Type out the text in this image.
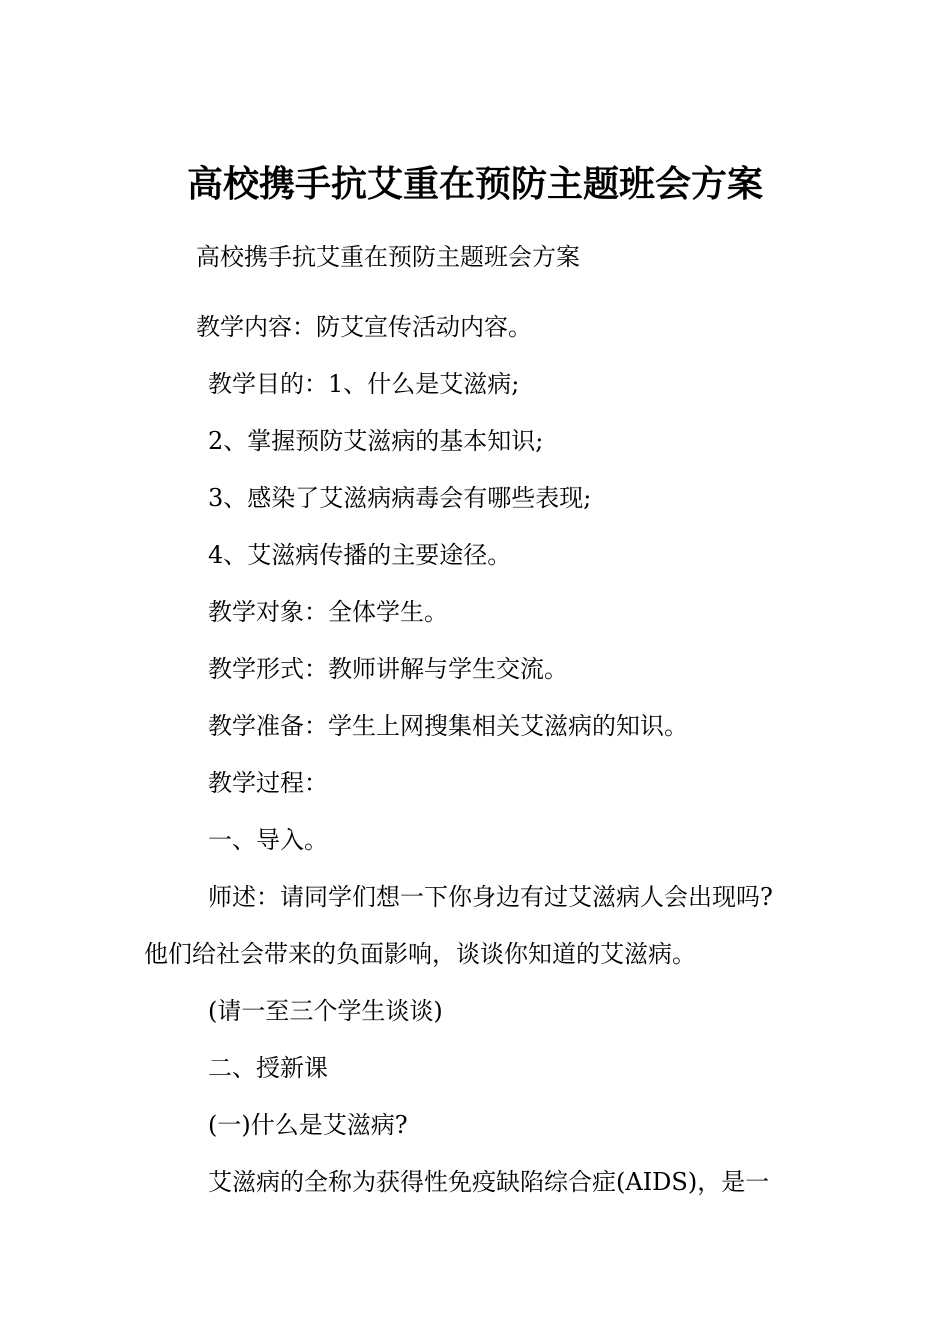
高校携手抗艾重在预防主题班会方案
高校携手抗艾重在预防主题班会方案
教学内容：防艾宣传活动内容。
教学目的：1、什么是艾滋病;
2、掌握预防艾滋病的基本知识;
3、感染了艾滋病病毒会有哪些表现;
4、艾滋病传播的主要途径。
教学对象：全体学生。
教学形式：教师讲解与学生交流。
教学准备：学生上网搜集相关艾滋病的知识。
教学过程：
一、导入。
师述：请同学们想一下你身边有过艾滋病人会出现吗?
他们给社会带来的负面影响，谈谈你知道的艾滋病。
(请一至三个学生谈谈)
二、授新课
(一)什么是艾滋病?
艾滋病的全称为获得性免疫缺陷综合症(AIDS)，是一
